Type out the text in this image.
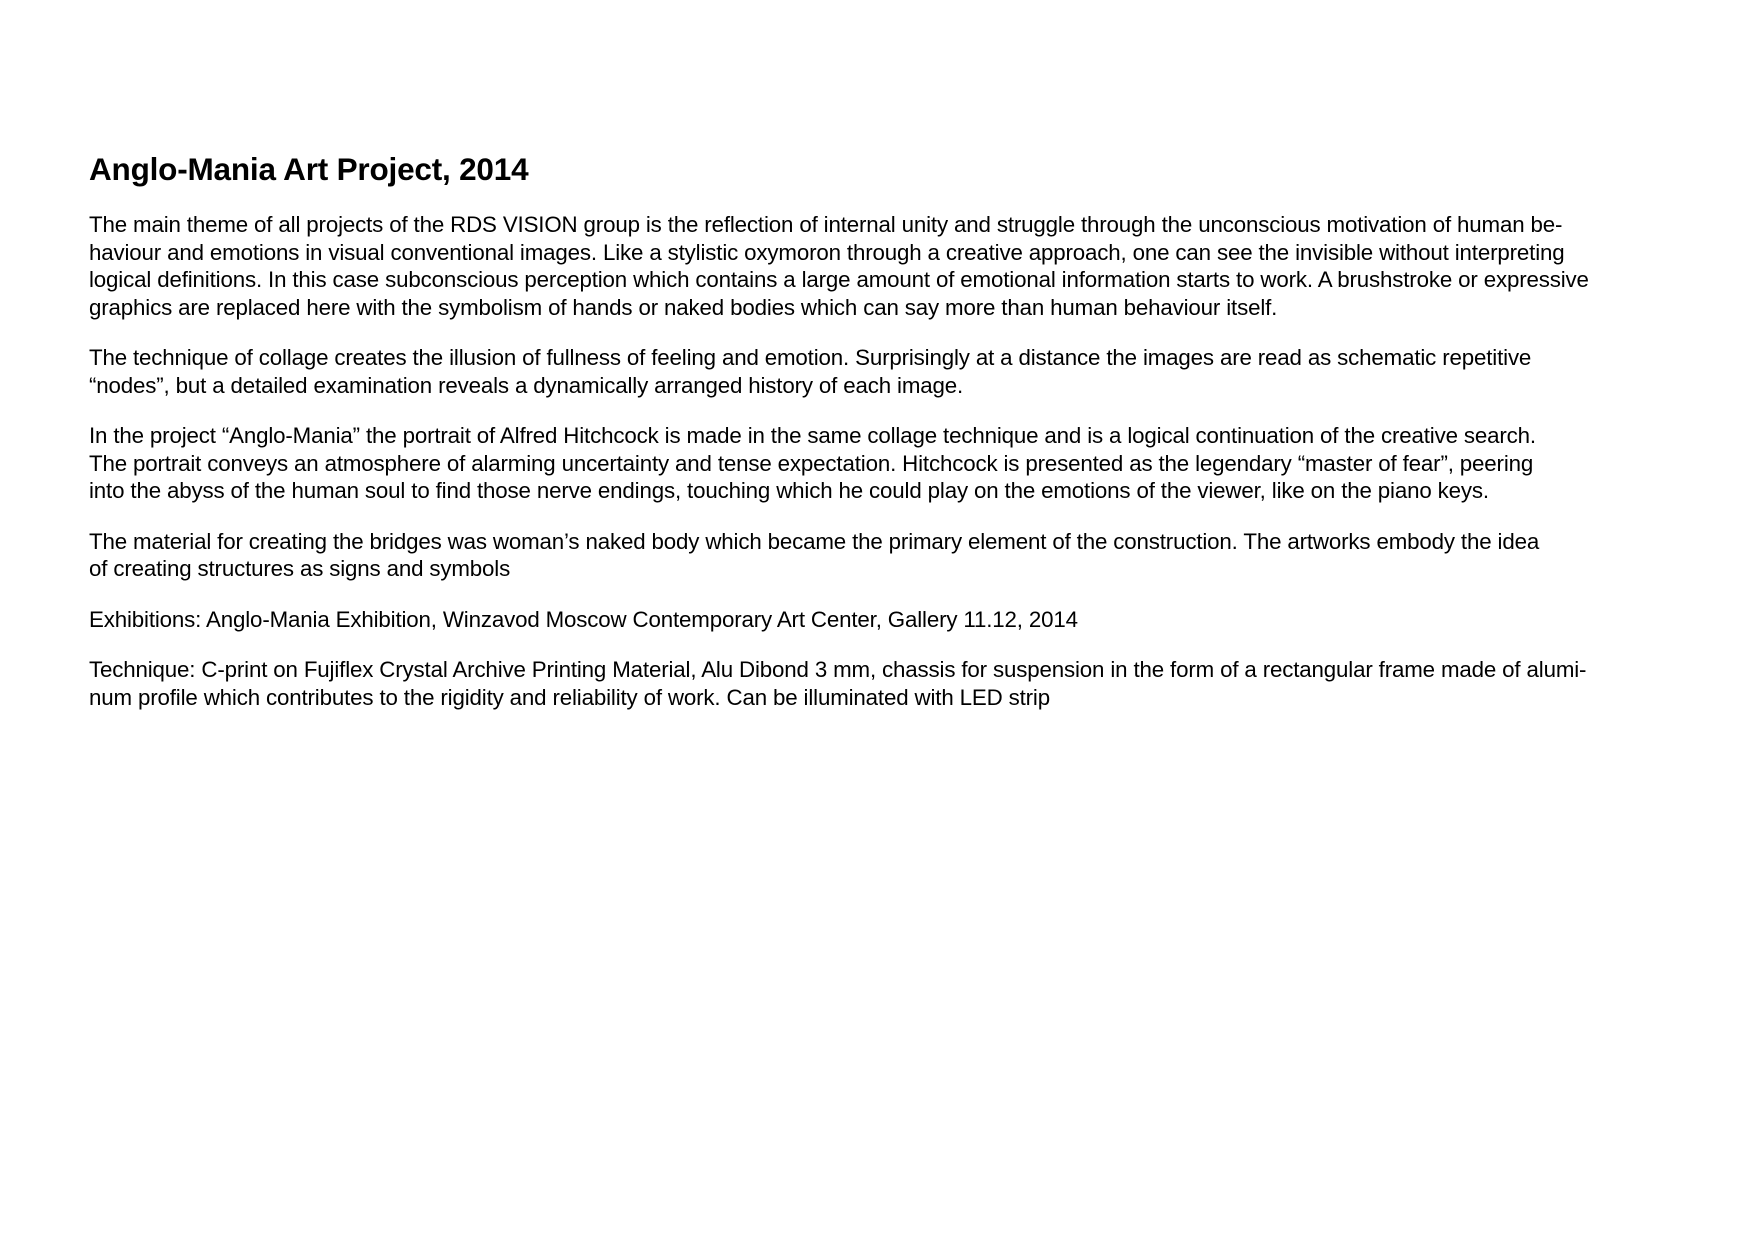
Anglo-Mania Art Project, 2014

The main theme of all projects of the RDS VISION group is the reflection of internal unity and struggle through the unconscious motivation of human be-
haviour and emotions in visual conventional images. Like a stylistic oxymoron through a creative approach, one can see the invisible without interpreting
logical definitions. In this case subconscious perception which contains a large amount of emotional information starts to work. A brushstroke or expressive
graphics are replaced here with the symbolism of hands or naked bodies which can say more than human behaviour itself.

The technique of collage creates the illusion of fullness of feeling and emotion. Surprisingly at a distance the images are read as schematic repetitive
“nodes”, but a detailed examination reveals a dynamically arranged history of each image.

In the project “Anglo-Mania” the portrait of Alfred Hitchcock is made in the same collage technique and is a logical continuation of the creative search.
The portrait conveys an atmosphere of alarming uncertainty and tense expectation. Hitchcock is presented as the legendary “master of fear”, peering
into the abyss of the human soul to find those nerve endings, touching which he could play on the emotions of the viewer, like on the piano keys.

The material for creating the bridges was woman’s naked body which became the primary element of the construction. The artworks embody the idea
of creating structures as signs and symbols

Exhibitions: Anglo-Mania Exhibition, Winzavod Moscow Contemporary Art Center, Gallery 11.12, 2014

Technique: C-print on Fujiflex Crystal Archive Printing Material, Alu Dibond 3 mm, chassis for suspension in the form of a rectangular frame made of alumi-
num profile which contributes to the rigidity and reliability of work. Can be illuminated with LED strip
